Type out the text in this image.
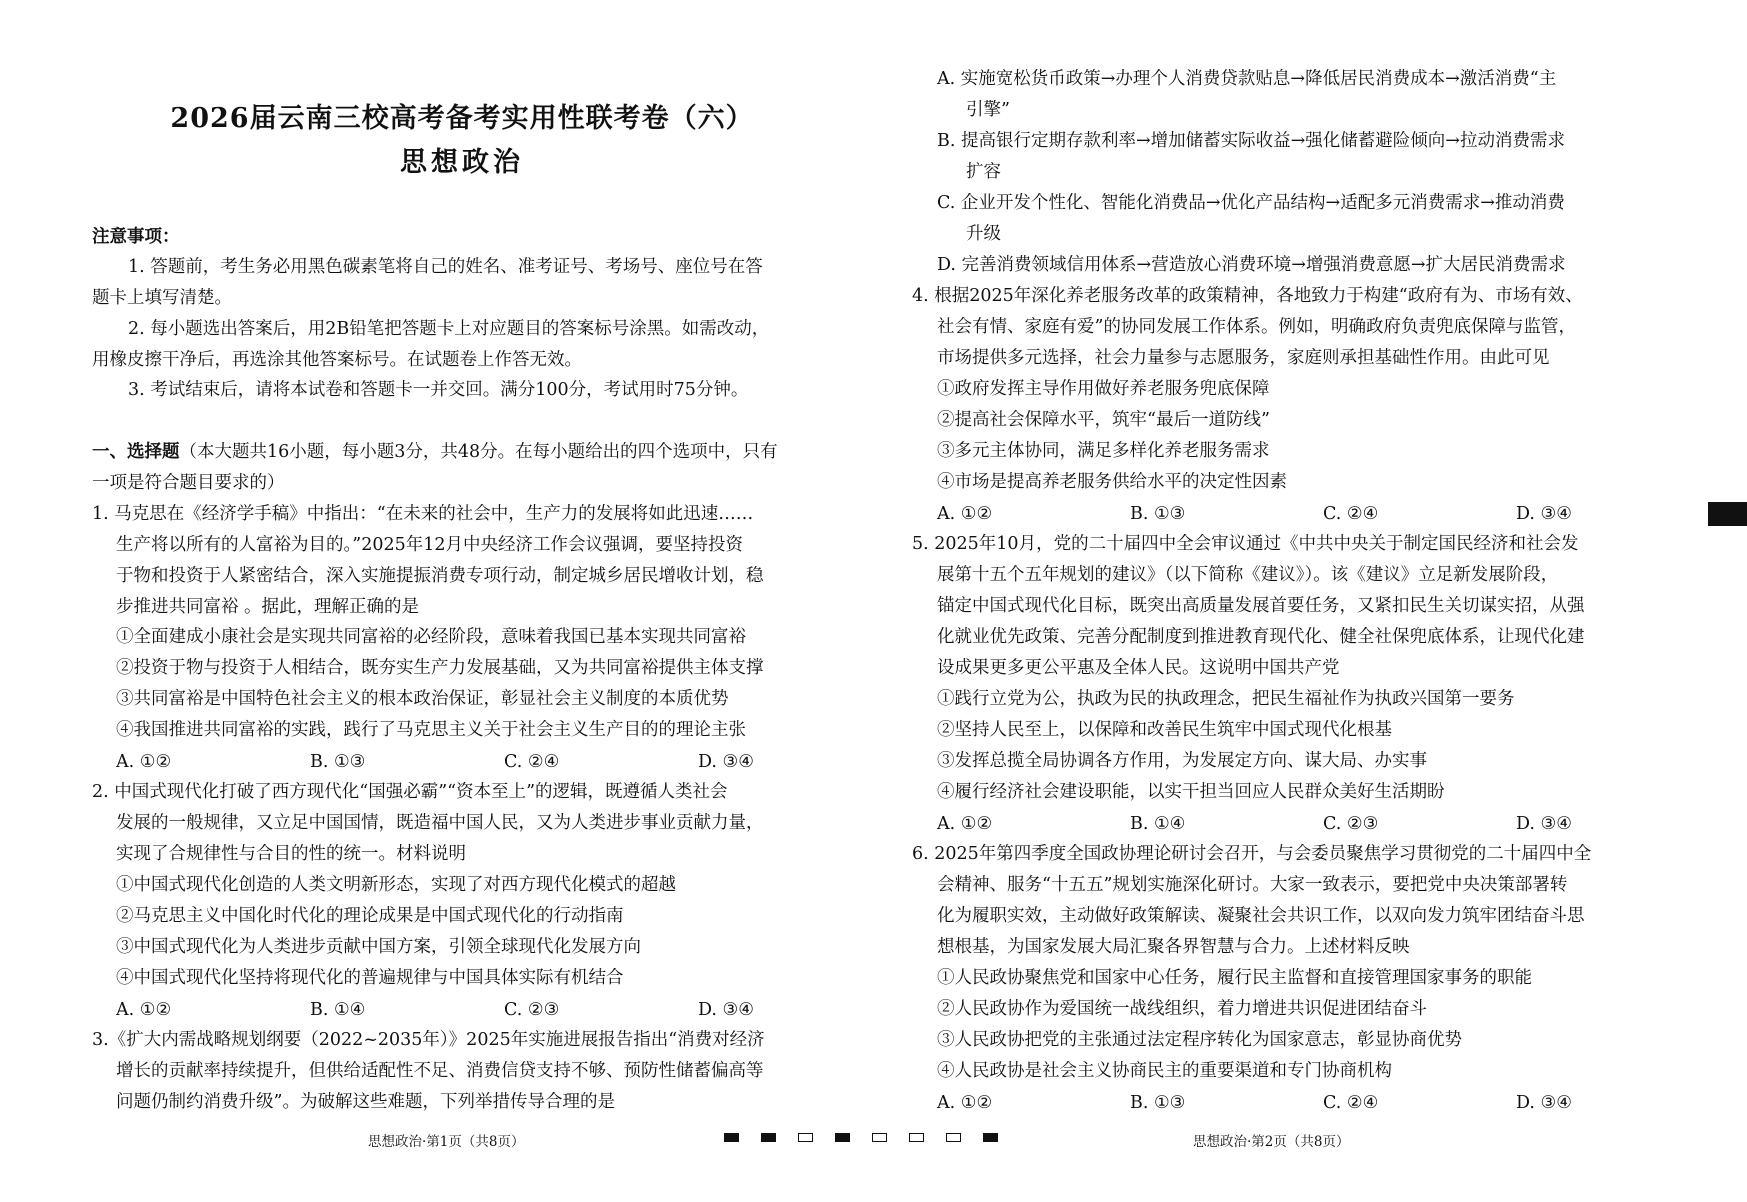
2026届云南三校高考备考实用性联考卷（六）
思想政治
注意事项：
1. 答题前，考生务必用黑色碳素笔将自己的姓名、准考证号、考场号、座位号在答
题卡上填写清楚。
2. 每小题选出答案后，用2B铅笔把答题卡上对应题目的答案标号涂黑。如需改动，
用橡皮擦干净后，再选涂其他答案标号。在试题卷上作答无效。
3. 考试结束后，请将本试卷和答题卡一并交回。满分100分，考试用时75分钟。
一、选择题（本大题共16小题，每小题3分，共48分。在每小题给出的四个选项中，只有
一项是符合题目要求的）
1. 马克思在《经济学手稿》中指出：“在未来的社会中，生产力的发展将如此迅速……
生产将以所有的人富裕为目的。”2025年12月中央经济工作会议强调，要坚持投资
于物和投资于人紧密结合，深入实施提振消费专项行动，制定城乡居民增收计划，稳
步推进共同富裕 。据此，理解正确的是
①全面建成小康社会是实现共同富裕的必经阶段，意味着我国已基本实现共同富裕
②投资于物与投资于人相结合，既夯实生产力发展基础，又为共同富裕提供主体支撑
③共同富裕是中国特色社会主义的根本政治保证，彰显社会主义制度的本质优势
④我国推进共同富裕的实践，践行了马克思主义关于社会主义生产目的的理论主张
A. ①②	B. ①③	C. ②④	D. ③④
2. 中国式现代化打破了西方现代化“国强必霸”“资本至上”的逻辑，既遵循人类社会
发展的一般规律，又立足中国国情，既造福中国人民，又为人类进步事业贡献力量，
实现了合规律性与合目的性的统一。材料说明
①中国式现代化创造的人类文明新形态，实现了对西方现代化模式的超越
②马克思主义中国化时代化的理论成果是中国式现代化的行动指南
③中国式现代化为人类进步贡献中国方案，引领全球现代化发展方向
④中国式现代化坚持将现代化的普遍规律与中国具体实际有机结合
A. ①②	B. ①④	C. ②③	D. ③④
3.《扩大内需战略规划纲要（2022~2035年）》2025年实施进展报告指出“消费对经济
增长的贡献率持续提升，但供给适配性不足、消费信贷支持不够、预防性储蓄偏高等
问题仍制约消费升级”。为破解这些难题，下列举措传导合理的是
A. 实施宽松货币政策→办理个人消费贷款贴息→降低居民消费成本→激活消费“主
引擎”
B. 提高银行定期存款利率→增加储蓄实际收益→强化储蓄避险倾向→拉动消费需求
扩容
C. 企业开发个性化、智能化消费品→优化产品结构→适配多元消费需求→推动消费
升级
D. 完善消费领域信用体系→营造放心消费环境→增强消费意愿→扩大居民消费需求
4. 根据2025年深化养老服务改革的政策精神，各地致力于构建“政府有为、市场有效、
社会有情、家庭有爱”的协同发展工作体系。例如，明确政府负责兜底保障与监管，
市场提供多元选择，社会力量参与志愿服务，家庭则承担基础性作用。由此可见
①政府发挥主导作用做好养老服务兜底保障
②提高社会保障水平，筑牢“最后一道防线”
③多元主体协同，满足多样化养老服务需求
④市场是提高养老服务供给水平的决定性因素
A. ①②	B. ①③	C. ②④	D. ③④
5. 2025年10月，党的二十届四中全会审议通过《中共中央关于制定国民经济和社会发
展第十五个五年规划的建议》（以下简称《建议》）。该《建议》立足新发展阶段，
锚定中国式现代化目标，既突出高质量发展首要任务，又紧扣民生关切谋实招，从强
化就业优先政策、完善分配制度到推进教育现代化、健全社保兜底体系，让现代化建
设成果更多更公平惠及全体人民。这说明中国共产党
①践行立党为公，执政为民的执政理念，把民生福祉作为执政兴国第一要务
②坚持人民至上，以保障和改善民生筑牢中国式现代化根基
③发挥总揽全局协调各方作用，为发展定方向、谋大局、办实事
④履行经济社会建设职能，以实干担当回应人民群众美好生活期盼
A. ①②	B. ①④	C. ②③	D. ③④
6. 2025年第四季度全国政协理论研讨会召开，与会委员聚焦学习贯彻党的二十届四中全
会精神、服务“十五五”规划实施深化研讨。大家一致表示，要把党中央决策部署转
化为履职实效，主动做好政策解读、凝聚社会共识工作，以双向发力筑牢团结奋斗思
想根基，为国家发展大局汇聚各界智慧与合力。上述材料反映
①人民政协聚焦党和国家中心任务，履行民主监督和直接管理国家事务的职能
②人民政协作为爱国统一战线组织，着力增进共识促进团结奋斗
③人民政协把党的主张通过法定程序转化为国家意志，彰显协商优势
④人民政协是社会主义协商民主的重要渠道和专门协商机构
A. ①②	B. ①③	C. ②④	D. ③④
思想政治·第1页（共8页）	思想政治·第2页（共8页）
